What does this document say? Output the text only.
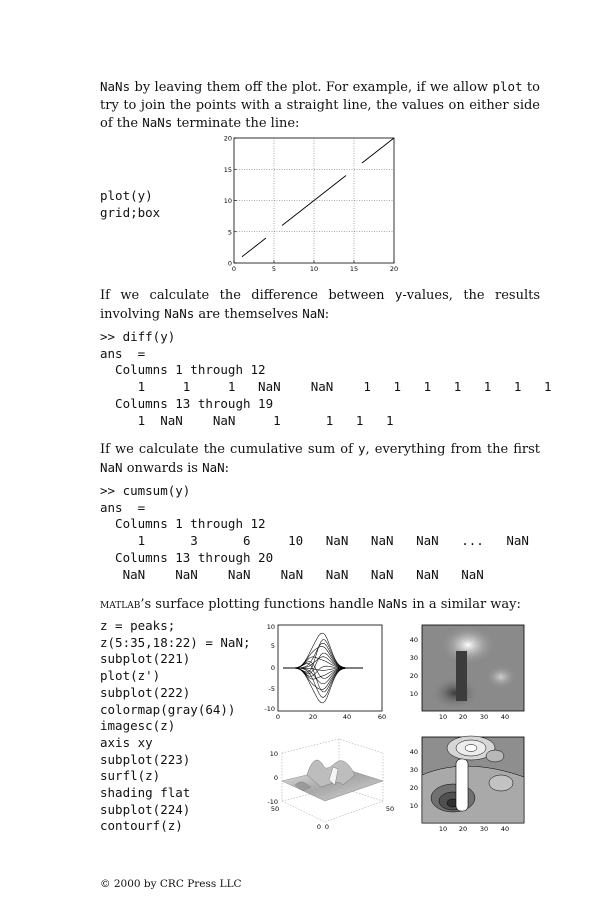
NaNs by leaving them off the plot. For example, if we allow plot to try to join the points with a straight line, the values on either side of the NaNs terminate the line:

plot(y)
grid;box
0	5	10	15	20
0
5
10
15
20

If we calculate the difference between y-values, the results involving NaNs are themselves NaN:

>> diff(y)
ans  =
Columns 1 through 12
1     1     1   NaN    NaN    1   1   1   1   1   1   1
Columns 13 through 19
1  NaN    NaN     1      1   1   1

If we calculate the cumulative sum of y, everything from the first NaN onwards is NaN:

>> cumsum(y)
ans  =
Columns 1 through 12
1      3      6     10   NaN   NaN   NaN   ...   NaN
Columns 13 through 20
NaN    NaN    NaN    NaN   NaN   NaN   NaN   NaN

matlab’s surface plotting functions handle NaNs in a similar way:

z = peaks;
z(5:35,18:22) = NaN;
subplot(221)
plot(z')
subplot(222)
colormap(gray(64))
imagesc(z)
axis xy
subplot(223)
surfl(z)
shading flat
subplot(224)
contourf(z)
10
5
0
-5
-10
0	20	40	60
40
30
20
10
10 20 30 40
10
0
-10
50
0 0
50
40
30
20
10
10 20 30 40
© 2000 by CRC Press LLC
